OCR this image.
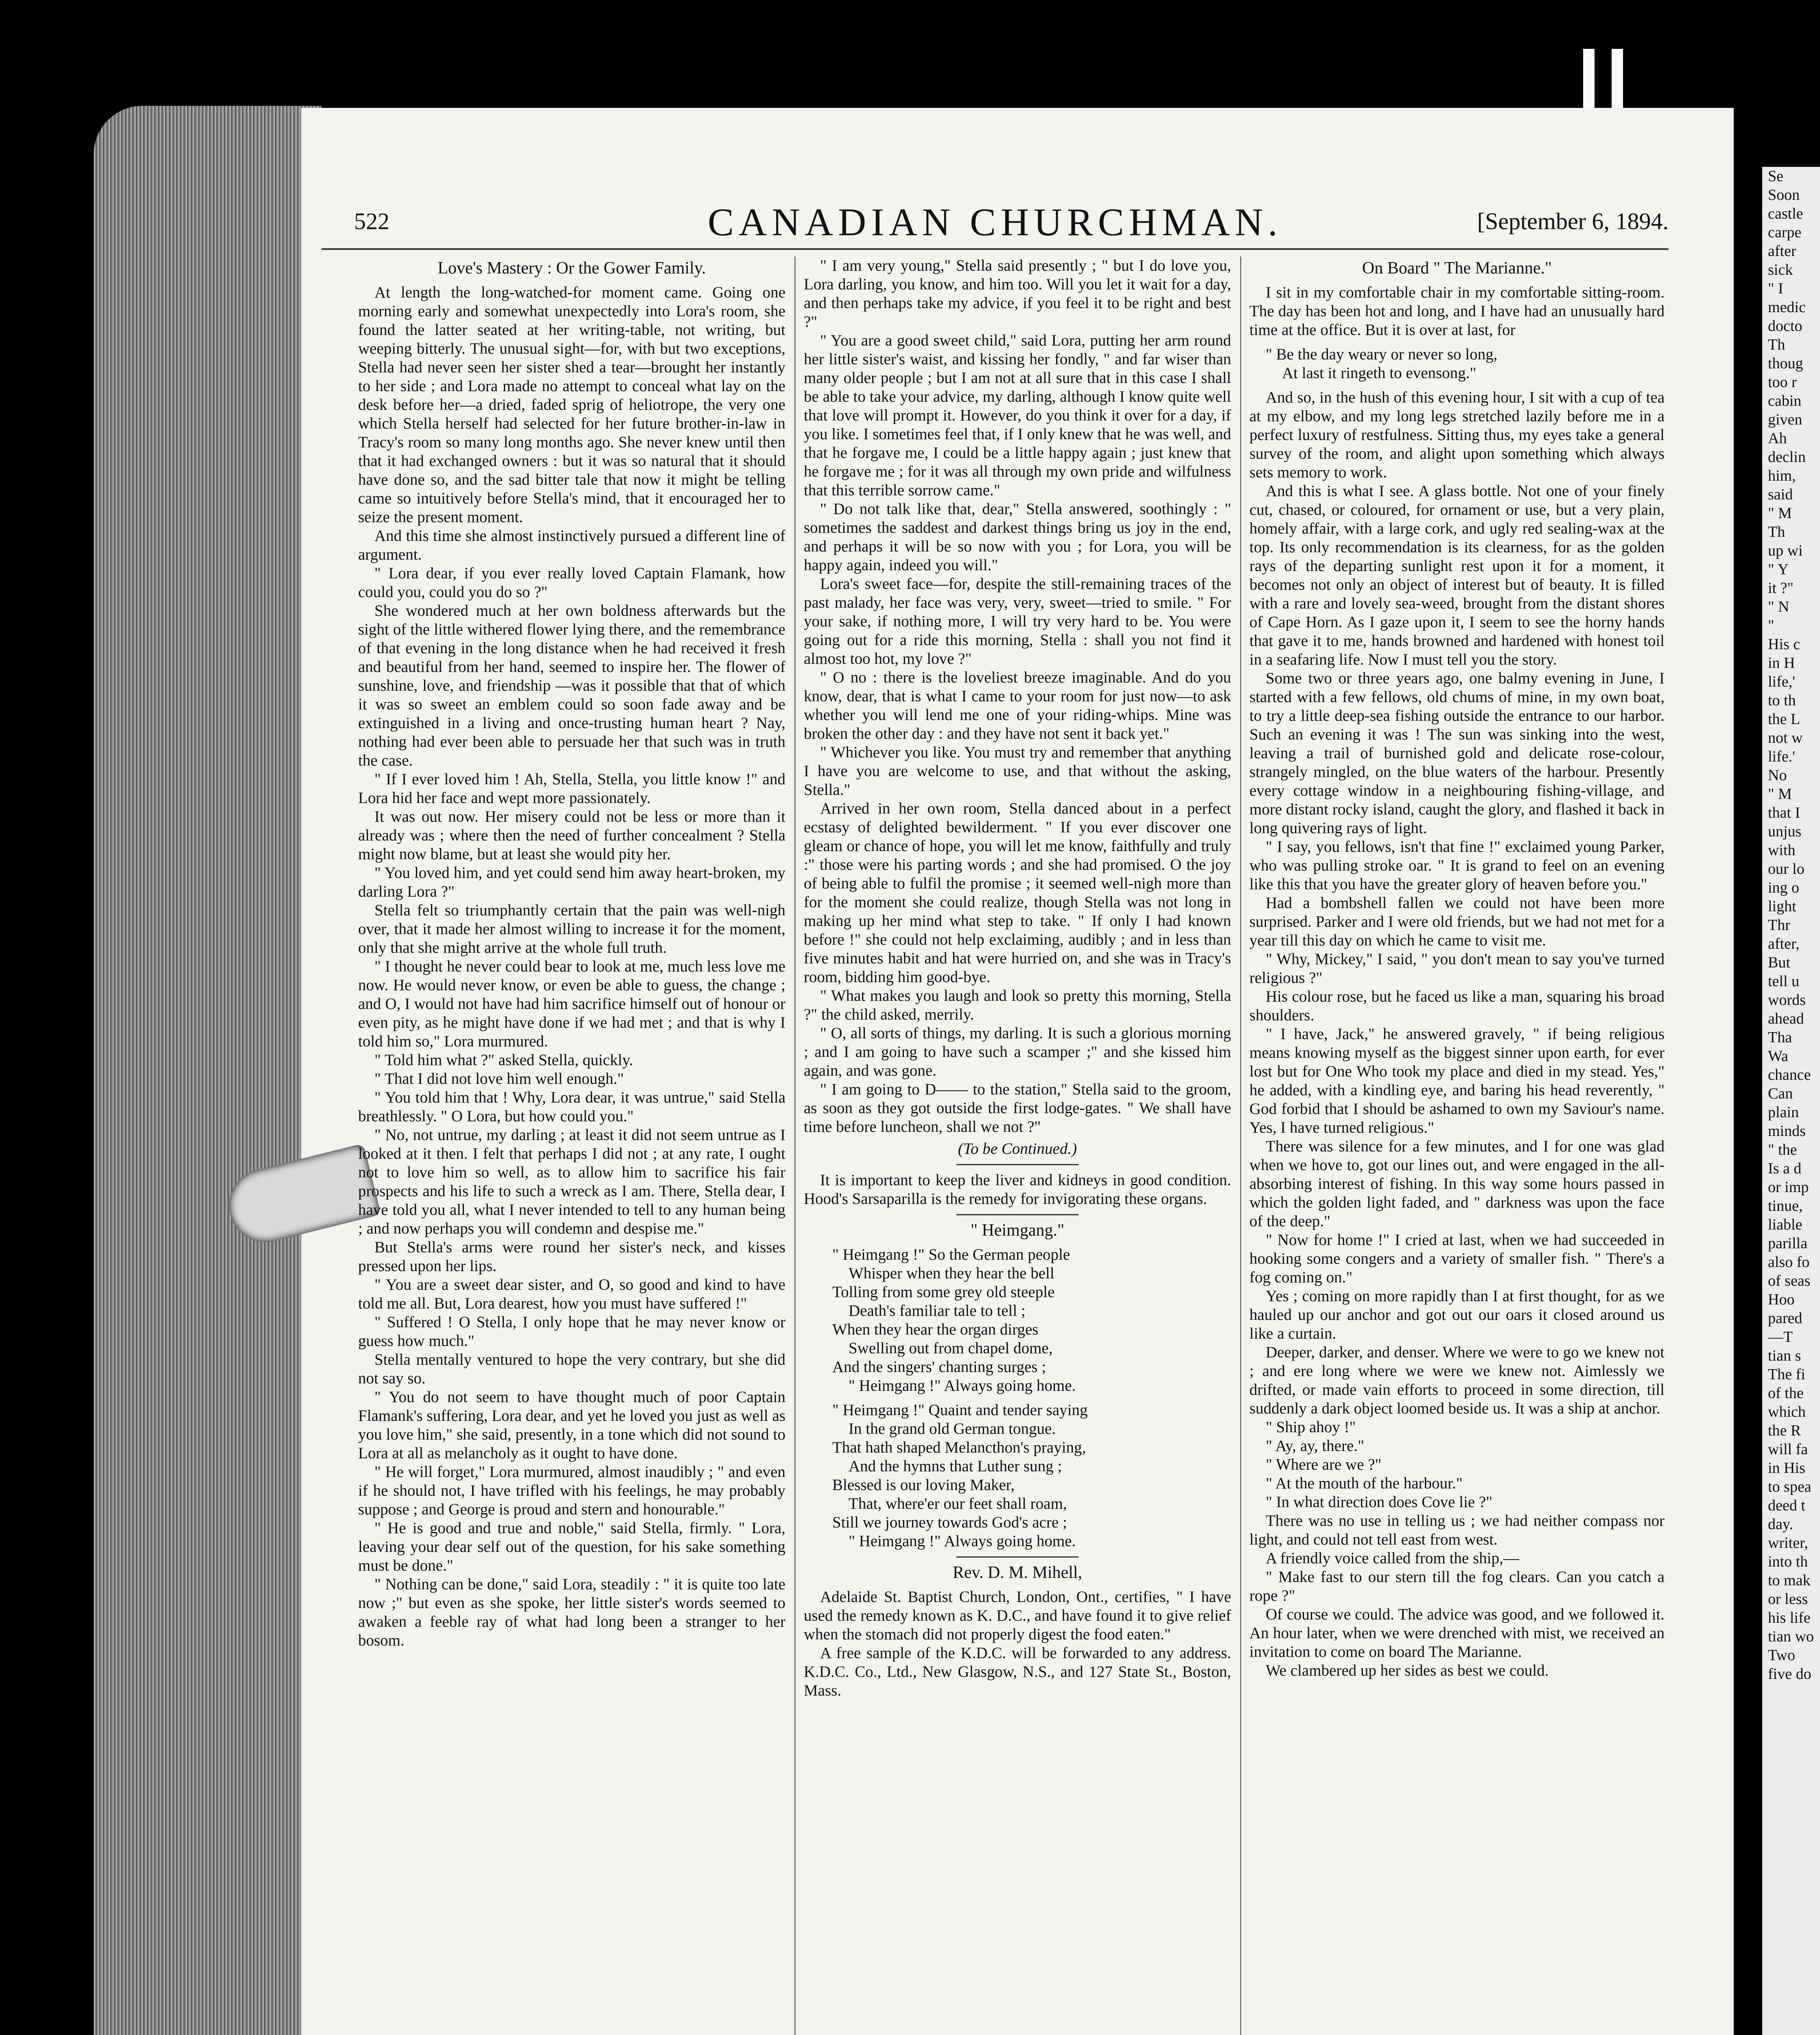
Se
Soon
castle
carpe
after
sick
" I
medic
docto
Th
thoug
too r
cabin
given
Ah
declin
him,
said
" M
Th
up wi
" Y
it ?"
" N
"
His c
in H
life,'
to th
the L
not w
life.'
No
" M
that I
unjus
with
our lo
ing o
light
Thr
after,
But
tell u
words
ahead
Tha
Wa
chance
Can
plain
minds
" the
Is a d
or imp
tinue,
liable
parilla
also fo
of seas
Hoo
pared
—T
tian s
The fi
of the
which
the R
will fa
in His
to spea
deed t
day.
writer,
into th
to mak
or less
his life
tian wo
Two
five do
522	CANADIAN CHURCHMAN.	[September 6, 1894.
Love's Mastery : Or the Gower Family.

At length the long-watched-for moment came. Going one morning early and somewhat unexpectedly into Lora's room, she found the latter seated at her writing-table, not writing, but weeping bitterly. The unusual sight—for, with but two exceptions, Stella had never seen her sister shed a tear—brought her instantly to her side ; and Lora made no attempt to conceal what lay on the desk before her—a dried, faded sprig of heliotrope, the very one which Stella herself had selected for her future brother-in-law in Tracy's room so many long months ago. She never knew until then that it had exchanged owners : but it was so natural that it should have done so, and the sad bitter tale that now it might be telling came so intuitively before Stella's mind, that it encouraged her to seize the present moment.

And this time she almost instinctively pursued a different line of argument.

" Lora dear, if you ever really loved Captain Flamank, how could you, could you do so ?"

She wondered much at her own boldness afterwards but the sight of the little withered flower lying there, and the remembrance of that evening in the long distance when he had received it fresh and beautiful from her hand, seemed to inspire her. The flower of sunshine, love, and friendship —was it possible that that of which it was so sweet an emblem could so soon fade away and be extinguished in a living and once-trusting human heart ? Nay, nothing had ever been able to persuade her that such was in truth the case.

" If I ever loved him ! Ah, Stella, Stella, you little know !" and Lora hid her face and wept more passionately.

It was out now. Her misery could not be less or more than it already was ; where then the need of further concealment ? Stella might now blame, but at least she would pity her.

" You loved him, and yet could send him away heart-broken, my darling Lora ?"

Stella felt so triumphantly certain that the pain was well-nigh over, that it made her almost willing to increase it for the moment, only that she might arrive at the whole full truth.

" I thought he never could bear to look at me, much less love me now. He would never know, or even be able to guess, the change ; and O, I would not have had him sacrifice himself out of honour or even pity, as he might have done if we had met ; and that is why I told him so," Lora murmured.

" Told him what ?" asked Stella, quickly.

" That I did not love him well enough."

" You told him that ! Why, Lora dear, it was untrue," said Stella breathlessly. " O Lora, but how could you."

" No, not untrue, my darling ; at least it did not seem untrue as I looked at it then. I felt that perhaps I did not ; at any rate, I ought not to love him so well, as to allow him to sacrifice his fair prospects and his life to such a wreck as I am. There, Stella dear, I have told you all, what I never intended to tell to any human being ; and now perhaps you will condemn and despise me."

But Stella's arms were round her sister's neck, and kisses pressed upon her lips.

" You are a sweet dear sister, and O, so good and kind to have told me all. But, Lora dearest, how you must have suffered !"

" Suffered ! O Stella, I only hope that he may never know or guess how much."

Stella mentally ventured to hope the very contrary, but she did not say so.

" You do not seem to have thought much of poor Captain Flamank's suffering, Lora dear, and yet he loved you just as well as you love him," she said, presently, in a tone which did not sound to Lora at all as melancholy as it ought to have done.

" He will forget," Lora murmured, almost inaudibly ; " and even if he should not, I have trifled with his feelings, he may probably suppose ; and George is proud and stern and honourable."

" He is good and true and noble," said Stella, firmly. " Lora, leaving your dear self out of the question, for his sake something must be done."

" Nothing can be done," said Lora, steadily : " it is quite too late now ;" but even as she spoke, her little sister's words seemed to awaken a feeble ray of what had long been a stranger to her bosom.

" I am very young," Stella said presently ; " but I do love you, Lora darling, you know, and him too. Will you let it wait for a day, and then perhaps take my advice, if you feel it to be right and best ?"

" You are a good sweet child," said Lora, putting her arm round her little sister's waist, and kissing her fondly, " and far wiser than many older people ; but I am not at all sure that in this case I shall be able to take your advice, my darling, although I know quite well that love will prompt it. However, do you think it over for a day, if you like. I sometimes feel that, if I only knew that he was well, and that he forgave me, I could be a little happy again ; just knew that he forgave me ; for it was all through my own pride and wilfulness that this terrible sorrow came."

" Do not talk like that, dear," Stella answered, soothingly : " sometimes the saddest and darkest things bring us joy in the end, and perhaps it will be so now with you ; for Lora, you will be happy again, indeed you will."

Lora's sweet face—for, despite the still-remaining traces of the past malady, her face was very, very, sweet—tried to smile. " For your sake, if nothing more, I will try very hard to be. You were going out for a ride this morning, Stella : shall you not find it almost too hot, my love ?"

" O no : there is the loveliest breeze imaginable. And do you know, dear, that is what I came to your room for just now—to ask whether you will lend me one of your riding-whips. Mine was broken the other day : and they have not sent it back yet."

" Whichever you like. You must try and remember that anything I have you are welcome to use, and that without the asking, Stella."

Arrived in her own room, Stella danced about in a perfect ecstasy of delighted bewilderment. " If you ever discover one gleam or chance of hope, you will let me know, faithfully and truly :" those were his parting words ; and she had promised. O the joy of being able to fulfil the promise ; it seemed well-nigh more than for the moment she could realize, though Stella was not long in making up her mind what step to take. " If only I had known before !" she could not help exclaiming, audibly ; and in less than five minutes habit and hat were hurried on, and she was in Tracy's room, bidding him good-bye.

" What makes you laugh and look so pretty this morning, Stella ?" the child asked, merrily.

" O, all sorts of things, my darling. It is such a glorious morning ; and I am going to have such a scamper ;" and she kissed him again, and was gone.

" I am going to D—— to the station," Stella said to the groom, as soon as they got outside the first lodge-gates. " We shall have time before luncheon, shall we not ?"

(To be Continued.)

It is important to keep the liver and kidneys in good condition. Hood's Sarsaparilla is the remedy for invigorating these organs.

" Heimgang."
" Heimgang !" So the German people
Whisper when they hear the bell
Tolling from some grey old steeple
Death's familiar tale to tell ;
When they hear the organ dirges
Swelling out from chapel dome,
And the singers' chanting surges ;
" Heimgang !" Always going home.
" Heimgang !" Quaint and tender saying
In the grand old German tongue.
That hath shaped Melancthon's praying,
And the hymns that Luther sung ;
Blessed is our loving Maker,
That, where'er our feet shall roam,
Still we journey towards God's acre ;
" Heimgang !" Always going home.
Rev. D. M. Mihell,

Adelaide St. Baptist Church, London, Ont., certifies, " I have used the remedy known as K. D.C., and have found it to give relief when the stomach did not properly digest the food eaten."

A free sample of the K.D.C. will be forwarded to any address. K.D.C. Co., Ltd., New Glasgow, N.S., and 127 State St., Boston, Mass.

On Board " The Marianne."

I sit in my comfortable chair in my comfortable sitting-room. The day has been hot and long, and I have had an unusually hard time at the office. But it is over at last, for

" Be the day weary or never so long,
At last it ringeth to evensong."

And so, in the hush of this evening hour, I sit with a cup of tea at my elbow, and my long legs stretched lazily before me in a perfect luxury of restfulness. Sitting thus, my eyes take a general survey of the room, and alight upon something which always sets memory to work.

And this is what I see. A glass bottle. Not one of your finely cut, chased, or coloured, for ornament or use, but a very plain, homely affair, with a large cork, and ugly red sealing-wax at the top. Its only recommendation is its clearness, for as the golden rays of the departing sunlight rest upon it for a moment, it becomes not only an object of interest but of beauty. It is filled with a rare and lovely sea-weed, brought from the distant shores of Cape Horn. As I gaze upon it, I seem to see the horny hands that gave it to me, hands browned and hardened with honest toil in a seafaring life. Now I must tell you the story.

Some two or three years ago, one balmy evening in June, I started with a few fellows, old chums of mine, in my own boat, to try a little deep-sea fishing outside the entrance to our harbor. Such an evening it was ! The sun was sinking into the west, leaving a trail of burnished gold and delicate rose-colour, strangely mingled, on the blue waters of the harbour. Presently every cottage window in a neighbouring fishing-village, and more distant rocky island, caught the glory, and flashed it back in long quivering rays of light.

" I say, you fellows, isn't that fine !" exclaimed young Parker, who was pulling stroke oar. " It is grand to feel on an evening like this that you have the greater glory of heaven before you."

Had a bombshell fallen we could not have been more surprised. Parker and I were old friends, but we had not met for a year till this day on which he came to visit me.

" Why, Mickey," I said, " you don't mean to say you've turned religious ?"

His colour rose, but he faced us like a man, squaring his broad shoulders.

" I have, Jack," he answered gravely, " if being religious means knowing myself as the biggest sinner upon earth, for ever lost but for One Who took my place and died in my stead. Yes," he added, with a kindling eye, and baring his head reverently, " God forbid that I should be ashamed to own my Saviour's name. Yes, I have turned religious."

There was silence for a few minutes, and I for one was glad when we hove to, got our lines out, and were engaged in the all-absorbing interest of fishing. In this way some hours passed in which the golden light faded, and " darkness was upon the face of the deep."

" Now for home !" I cried at last, when we had succeeded in hooking some congers and a variety of smaller fish. " There's a fog coming on."

Yes ; coming on more rapidly than I at first thought, for as we hauled up our anchor and got out our oars it closed around us like a curtain.

Deeper, darker, and denser. Where we were to go we knew not ; and ere long where we were we knew not. Aimlessly we drifted, or made vain efforts to proceed in some direction, till suddenly a dark object loomed beside us. It was a ship at anchor.

" Ship ahoy !"

" Ay, ay, there."

" Where are we ?"

" At the mouth of the harbour."

" In what direction does Cove lie ?"

There was no use in telling us ; we had neither compass nor light, and could not tell east from west.

A friendly voice called from the ship,—

" Make fast to our stern till the fog clears. Can you catch a rope ?"

Of course we could. The advice was good, and we followed it. An hour later, when we were drenched with mist, we received an invitation to come on board The Marianne.

We clambered up her sides as best we could.
